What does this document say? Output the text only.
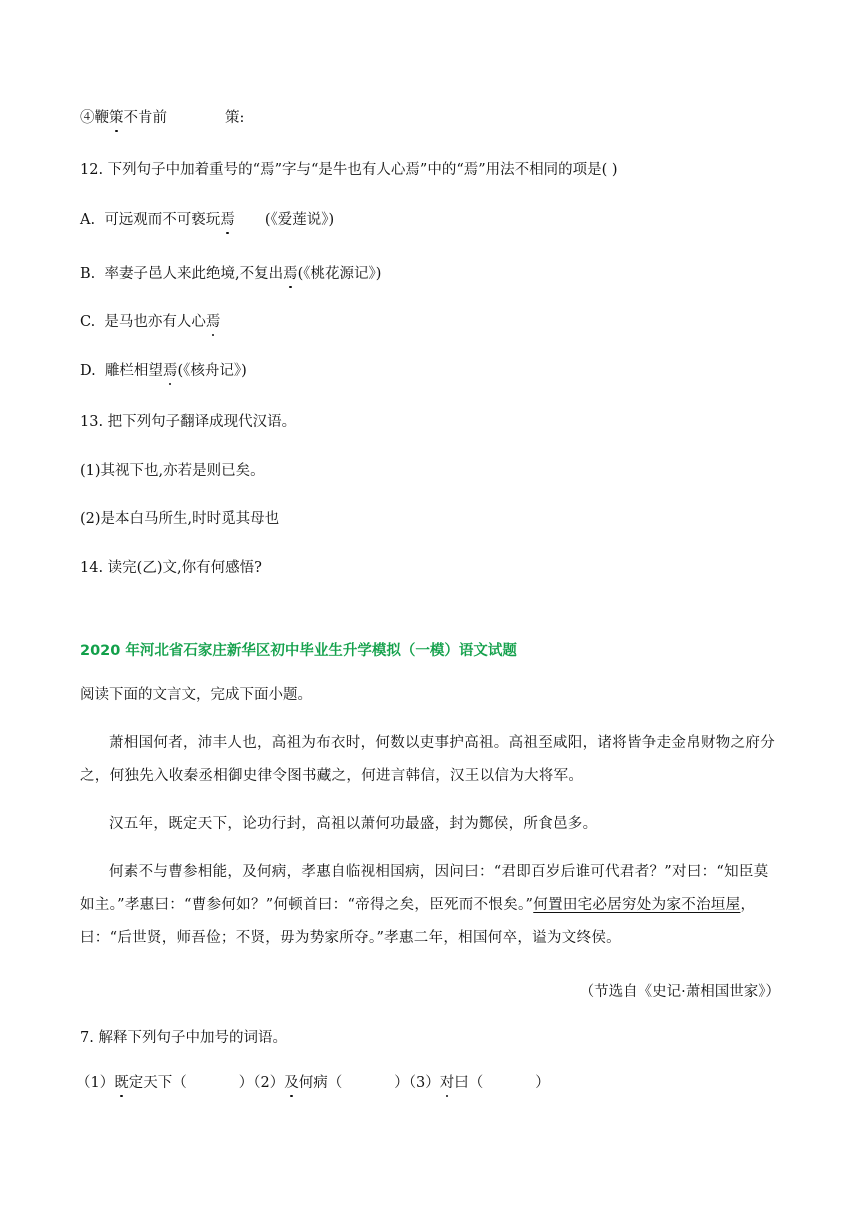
④鞭策不肯前	策:
12. 下列句子中加着重号的“焉”字与“是牛也有人心焉”中的“焉”用法不相同的项是( )
A. 可远观而不可亵玩焉 (《爱莲说》)
B. 率妻子邑人来此绝境,不复出焉(《桃花源记》)
C. 是马也亦有人心焉
D. 雕栏相望焉(《核舟记》)
13. 把下列句子翻译成现代汉语。
(1)其视下也,亦若是则已矣。
(2)是本白马所生,时时觅其母也
14. 读完(乙)文,你有何感悟?
2020 年河北省石家庄新华区初中毕业生升学模拟（一模）语文试题
阅读下面的文言文，完成下面小题。
萧相国何者，沛丰人也，高祖为布衣时，何数以吏事护高祖。高祖至咸阳，诸将皆争走金帛财物之府分之，何独先入收秦丞相御史律令图书藏之，何进言韩信，汉王以信为大将军。
汉五年，既定天下，论功行封，高祖以萧何功最盛，封为酂侯，所食邑多。
何素不与曹参相能，及何病，孝惠自临视相国病，因问曰：“君即百岁后谁可代君者？”对曰：“知臣莫如主。”孝惠曰：“曹参何如？”何顿首曰：“帝得之矣，臣死而不恨矣。”何置田宅必居穷处为家不治垣屋，曰：“后世贤，师吾俭；不贤，毋为势家所夺。”孝惠二年，相国何卒，谥为文终侯。
（节选自《史记·萧相国世家》）
7. 解释下列句子中加号的词语。
（1）既定天下（	）（2）及何病（	）（3）对曰（	）
